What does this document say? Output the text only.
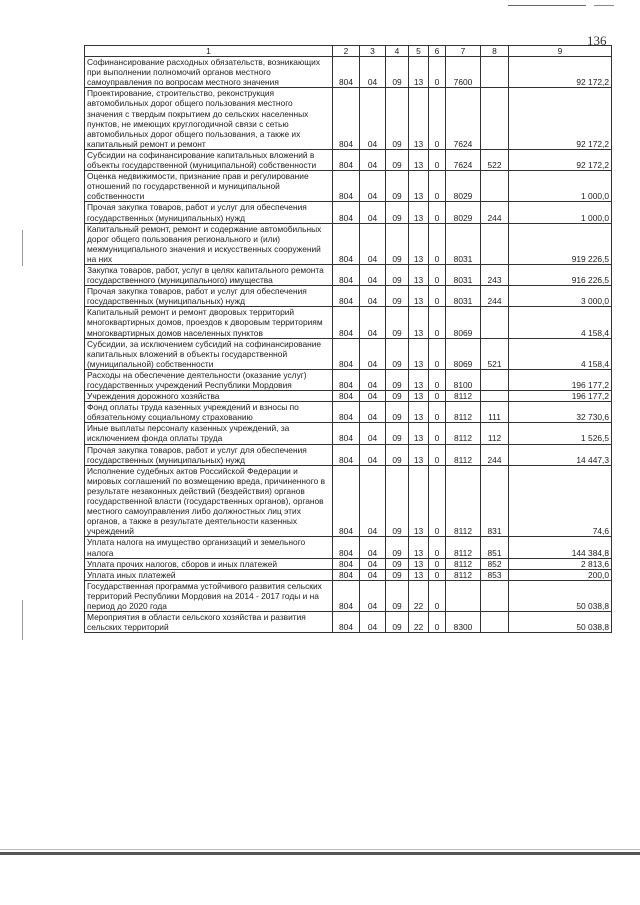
136
1	2	3	4	5	6	7	8	9
Софинансирование расходных обязательств, возникающих при выполнении полномочий органов местного самоуправления по вопросам местного значения	804	04	09	13	0	7600		92 172,2
Проектирование, строительство, реконструкция автомобильных дорог общего пользования местного значения с твердым покрытием до сельских населенных пунктов, не имеющих круглогодичной связи с сетью автомобильных дорог общего пользования, а также их капитальный ремонт и ремонт	804	04	09	13	0	7624		92 172,2
Субсидии на софинансирование капитальных вложений в объекты государственной (муниципальной) собственности	804	04	09	13	0	7624	522	92 172,2
Оценка недвижимости, признание прав и регулирование отношений по государственной и муниципальной собственности	804	04	09	13	0	8029		1 000,0
Прочая закупка товаров, работ и услуг для обеспечения государственных (муниципальных) нужд	804	04	09	13	0	8029	244	1 000,0
Капитальный ремонт, ремонт и содержание автомобильных дорог общего пользования регионального и (или) межмуниципального значения и искусственных сооружений на них	804	04	09	13	0	8031		919 226,5
Закупка товаров, работ, услуг в целях капитального ремонта государственного (муниципального) имущества	804	04	09	13	0	8031	243	916 226,5
Прочая закупка товаров, работ и услуг для обеспечения государственных (муниципальных) нужд	804	04	09	13	0	8031	244	3 000,0
Капитальный ремонт и ремонт дворовых территорий многоквартирных домов, проездов к дворовым территориям многоквартирных домов населенных пунктов	804	04	09	13	0	8069		4 158,4
Субсидии, за исключением субсидий на софинансирование капитальных вложений в объекты государственной (муниципальной) собственности	804	04	09	13	0	8069	521	4 158,4
Расходы на обеспечение деятельности (оказание услуг) государственных учреждений Республики Мордовия	804	04	09	13	0	8100		196 177,2
Учреждения дорожного хозяйства	804	04	09	13	0	8112		196 177,2
Фонд оплаты труда казенных учреждений и взносы по обязательному социальному страхованию	804	04	09	13	0	8112	111	32 730,6
Иные выплаты персоналу казенных учреждений, за исключением фонда оплаты труда	804	04	09	13	0	8112	112	1 526,5
Прочая закупка товаров, работ и услуг для обеспечения государственных (муниципальных) нужд	804	04	09	13	0	8112	244	14 447,3
Исполнение судебных актов Российской Федерации и мировых соглашений по возмещению вреда, причиненного в результате незаконных действий (бездействия) органов государственной власти (государственных органов), органов местного самоуправления либо должностных лиц этих органов, а также в результате деятельности казенных учреждений	804	04	09	13	0	8112	831	74,6
Уплата налога на имущество организаций и земельного налога	804	04	09	13	0	8112	851	144 384,8
Уплата прочих налогов, сборов и иных платежей	804	04	09	13	0	8112	852	2 813,6
Уплата иных платежей	804	04	09	13	0	8112	853	200,0
Государственная программа устойчивого развития сельских территорий Республики Мордовия на 2014 - 2017 годы и на период до 2020 года	804	04	09	22	0			50 038,8
Мероприятия в области сельского хозяйства и развития сельских территорий	804	04	09	22	0	8300		50 038,8
